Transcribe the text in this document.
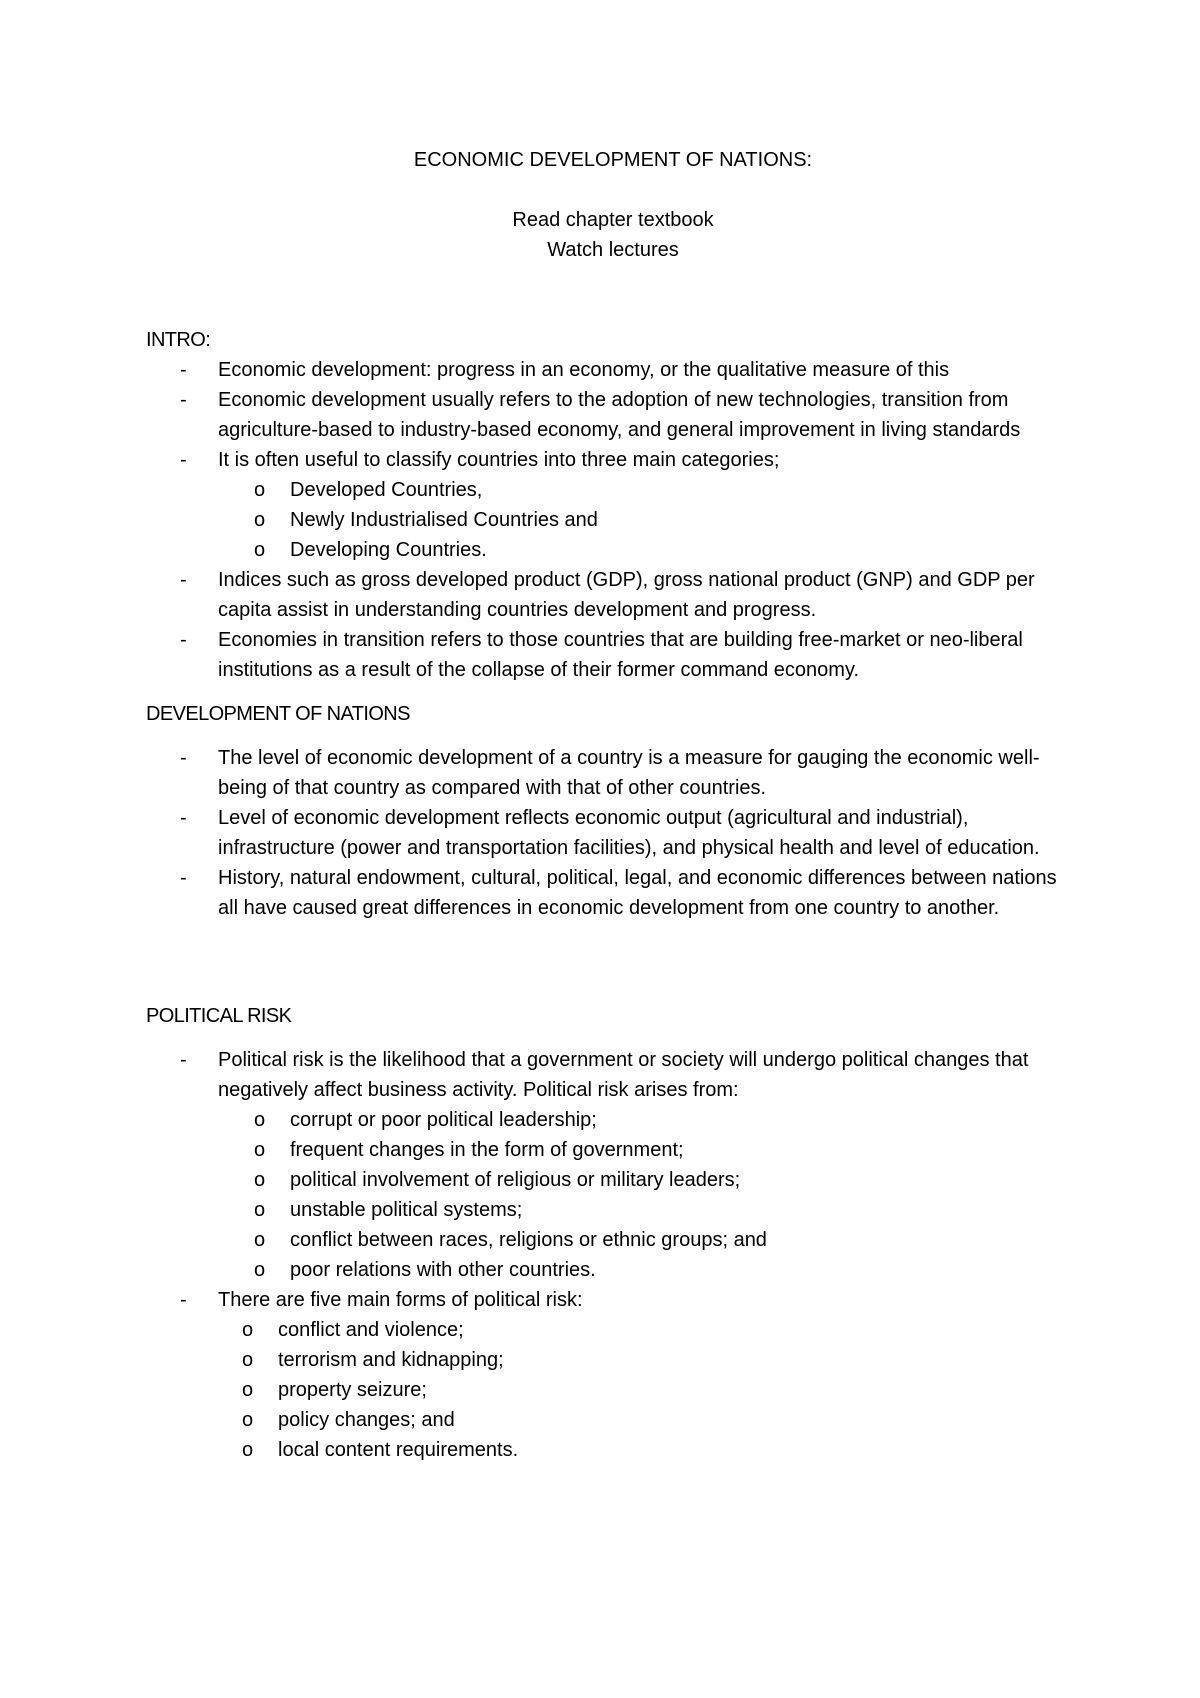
ECONOMIC DEVELOPMENT OF NATIONS:

Read chapter textbook

Watch lectures

INTRO:

-	Economic development: progress in an economy, or the qualitative measure of this
-	Economic development usually refers to the adoption of new technologies, transition from agriculture-based to industry-based economy, and general improvement in living standards
-	It is often useful to classify countries into three main categories;
o Developed Countries,
o Newly Industrialised Countries and
o Developing Countries.
-	Indices such as gross developed product (GDP), gross national product (GNP) and GDP per capita assist in understanding countries development and progress.
-	Economies in transition refers to those countries that are building free-market or neo-liberal institutions as a result of the collapse of their former command economy.

DEVELOPMENT OF NATIONS

-	The level of economic development of a country is a measure for gauging the economic well-being of that country as compared with that of other countries.
-	Level of economic development reflects economic output (agricultural and industrial), infrastructure (power and transportation facilities), and physical health and level of education.
-	History, natural endowment, cultural, political, legal, and economic differences between nations all have caused great differences in economic development from one country to another.

POLITICAL RISK

-	Political risk is the likelihood that a government or society will undergo political changes that negatively affect business activity. Political risk arises from:
o corrupt or poor political leadership;
o frequent changes in the form of government;
o political involvement of religious or military leaders;
o unstable political systems;
o conflict between races, religions or ethnic groups; and
o poor relations with other countries.
-	There are five main forms of political risk:
o conflict and violence;
o terrorism and kidnapping;
o property seizure;
o policy changes; and
o local content requirements.
